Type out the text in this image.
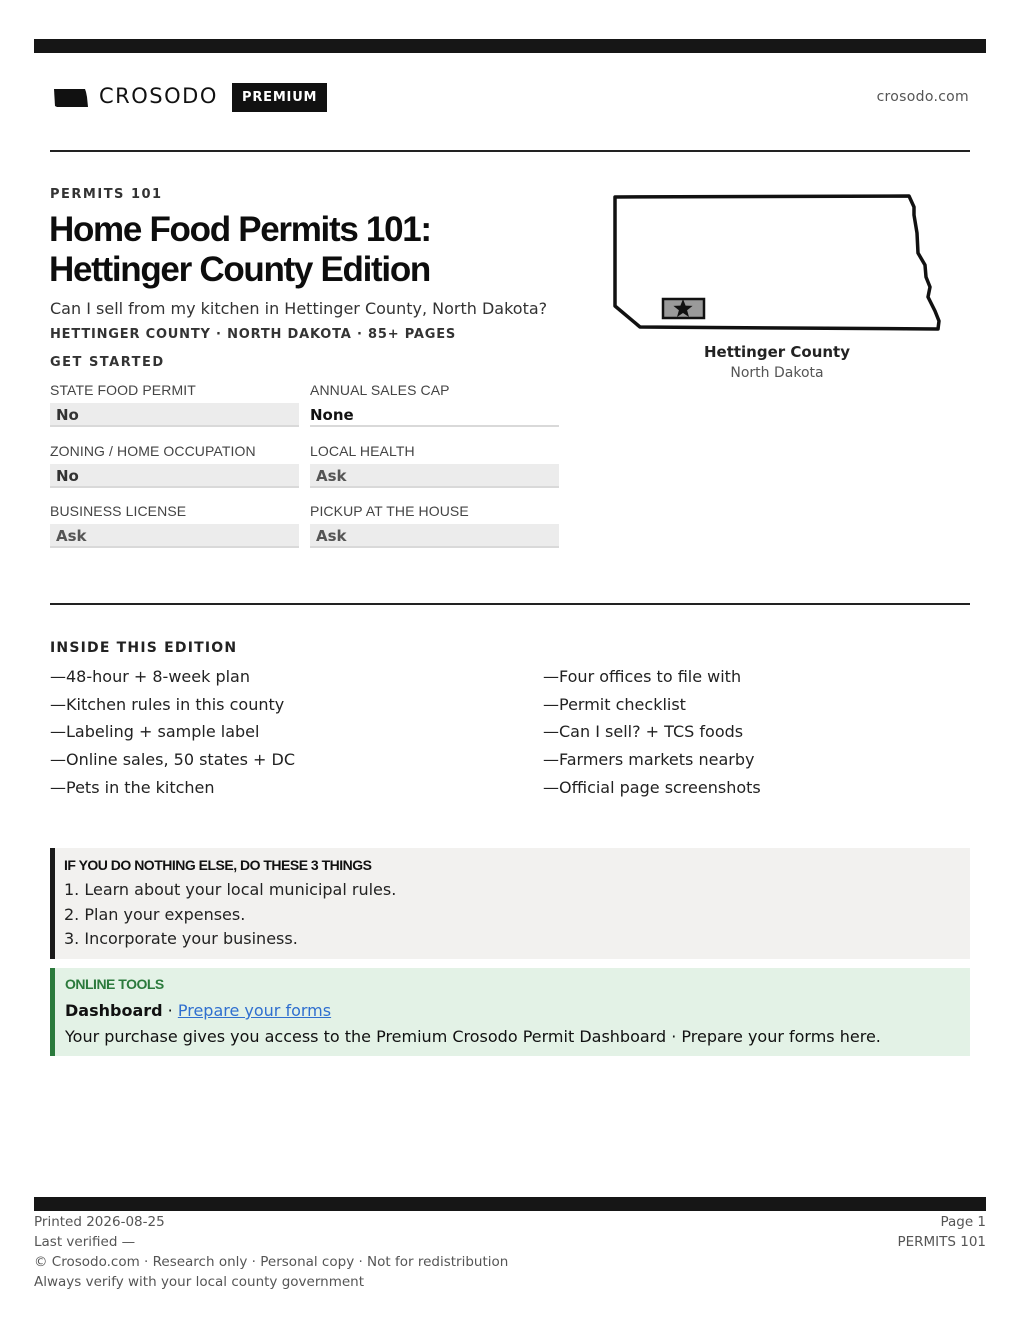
CROSODO	PREMIUM	crosodo.com
PERMITS 101
Home Food Permits 101:
Hettinger County Edition
Can I sell from my kitchen in Hettinger County, North Dakota?
HETTINGER COUNTY · NORTH DAKOTA · 85+ PAGES
GET STARTED
STATE FOOD PERMIT
No
ANNUAL SALES CAP
None
ZONING / HOME OCCUPATION
No
LOCAL HEALTH
Ask
BUSINESS LICENSE
Ask
PICKUP AT THE HOUSE
Ask
Hettinger County
North Dakota
INSIDE THIS EDITION
—48-hour + 8-week plan
—Kitchen rules in this county
—Labeling + sample label
—Online sales, 50 states + DC
—Pets in the kitchen
—Four offices to file with
—Permit checklist
—Can I sell? + TCS foods
—Farmers markets nearby
—Official page screenshots
IF YOU DO NOTHING ELSE, DO THESE 3 THINGS
1. Learn about your local municipal rules.
2. Plan your expenses.
3. Incorporate your business.
ONLINE TOOLS
Dashboard · Prepare your forms
Your purchase gives you access to the Premium Crosodo Permit Dashboard · Prepare your forms here.
Printed 2026-08-25
Last verified —
© Crosodo.com · Research only · Personal copy · Not for redistribution
Always verify with your local county government
Page 1
PERMITS 101
